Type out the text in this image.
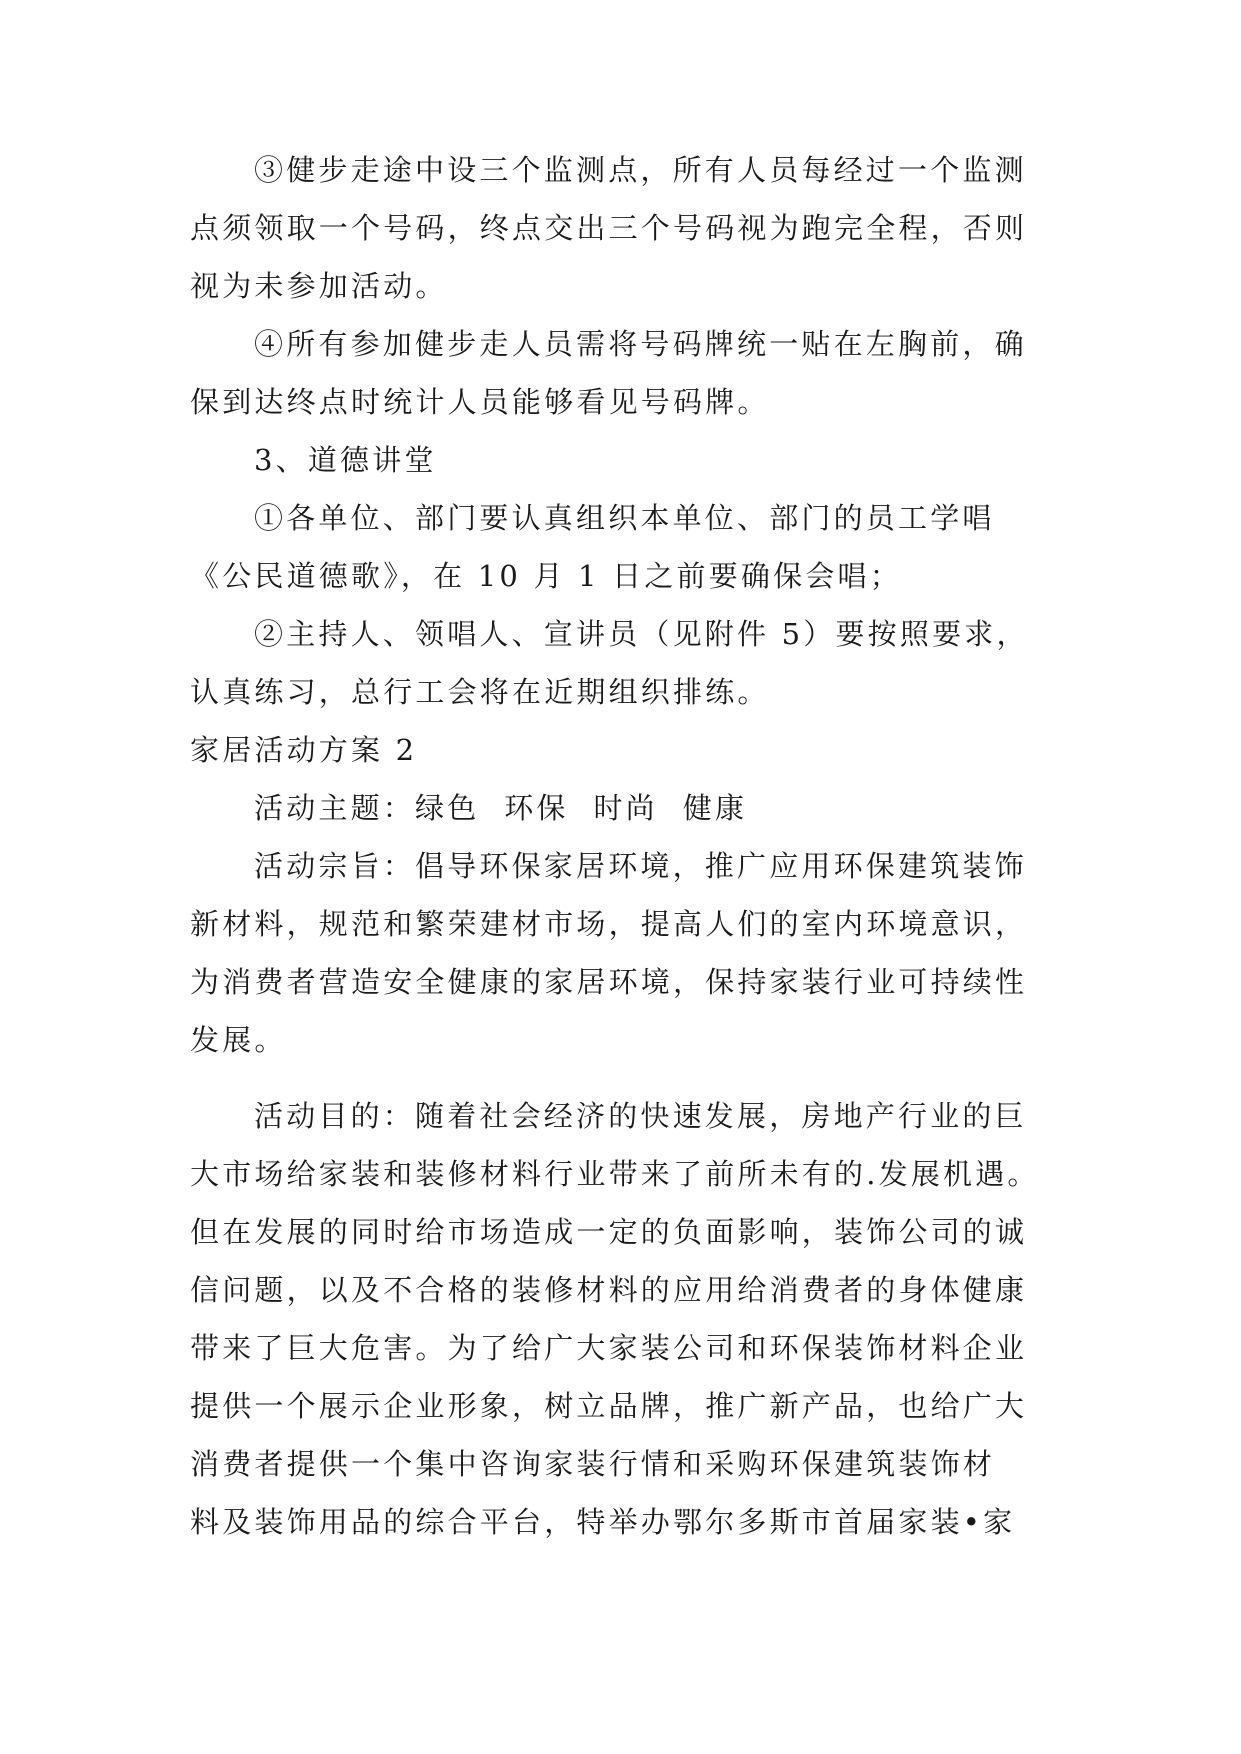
③健步走途中设三个监测点，所有人员每经过一个监测

点须领取一个号码，终点交出三个号码视为跑完全程，否则

视为未参加活动。

④所有参加健步走人员需将号码牌统一贴在左胸前，确

保到达终点时统计人员能够看见号码牌。

3、道德讲堂

①各单位、部门要认真组织本单位、部门的员工学唱

《公民道德歌》，在 10 月 1 日之前要确保会唱；

②主持人、领唱人、宣讲员（见附件 5）要按照要求，

认真练习，总行工会将在近期组织排练。

家居活动方案 2

活动主题：绿色  环保  时尚  健康

活动宗旨：倡导环保家居环境，推广应用环保建筑装饰

新材料，规范和繁荣建材市场，提高人们的室内环境意识，

为消费者营造安全健康的家居环境，保持家装行业可持续性

发展。

活动目的：随着社会经济的快速发展，房地产行业的巨

大市场给家装和装修材料行业带来了前所未有的.发展机遇。

但在发展的同时给市场造成一定的负面影响，装饰公司的诚

信问题，以及不合格的装修材料的应用给消费者的身体健康

带来了巨大危害。为了给广大家装公司和环保装饰材料企业

提供一个展示企业形象，树立品牌，推广新产品，也给广大

消费者提供一个集中咨询家装行情和采购环保建筑装饰材

料及装饰用品的综合平台，特举办鄂尔多斯市首届家装•家
